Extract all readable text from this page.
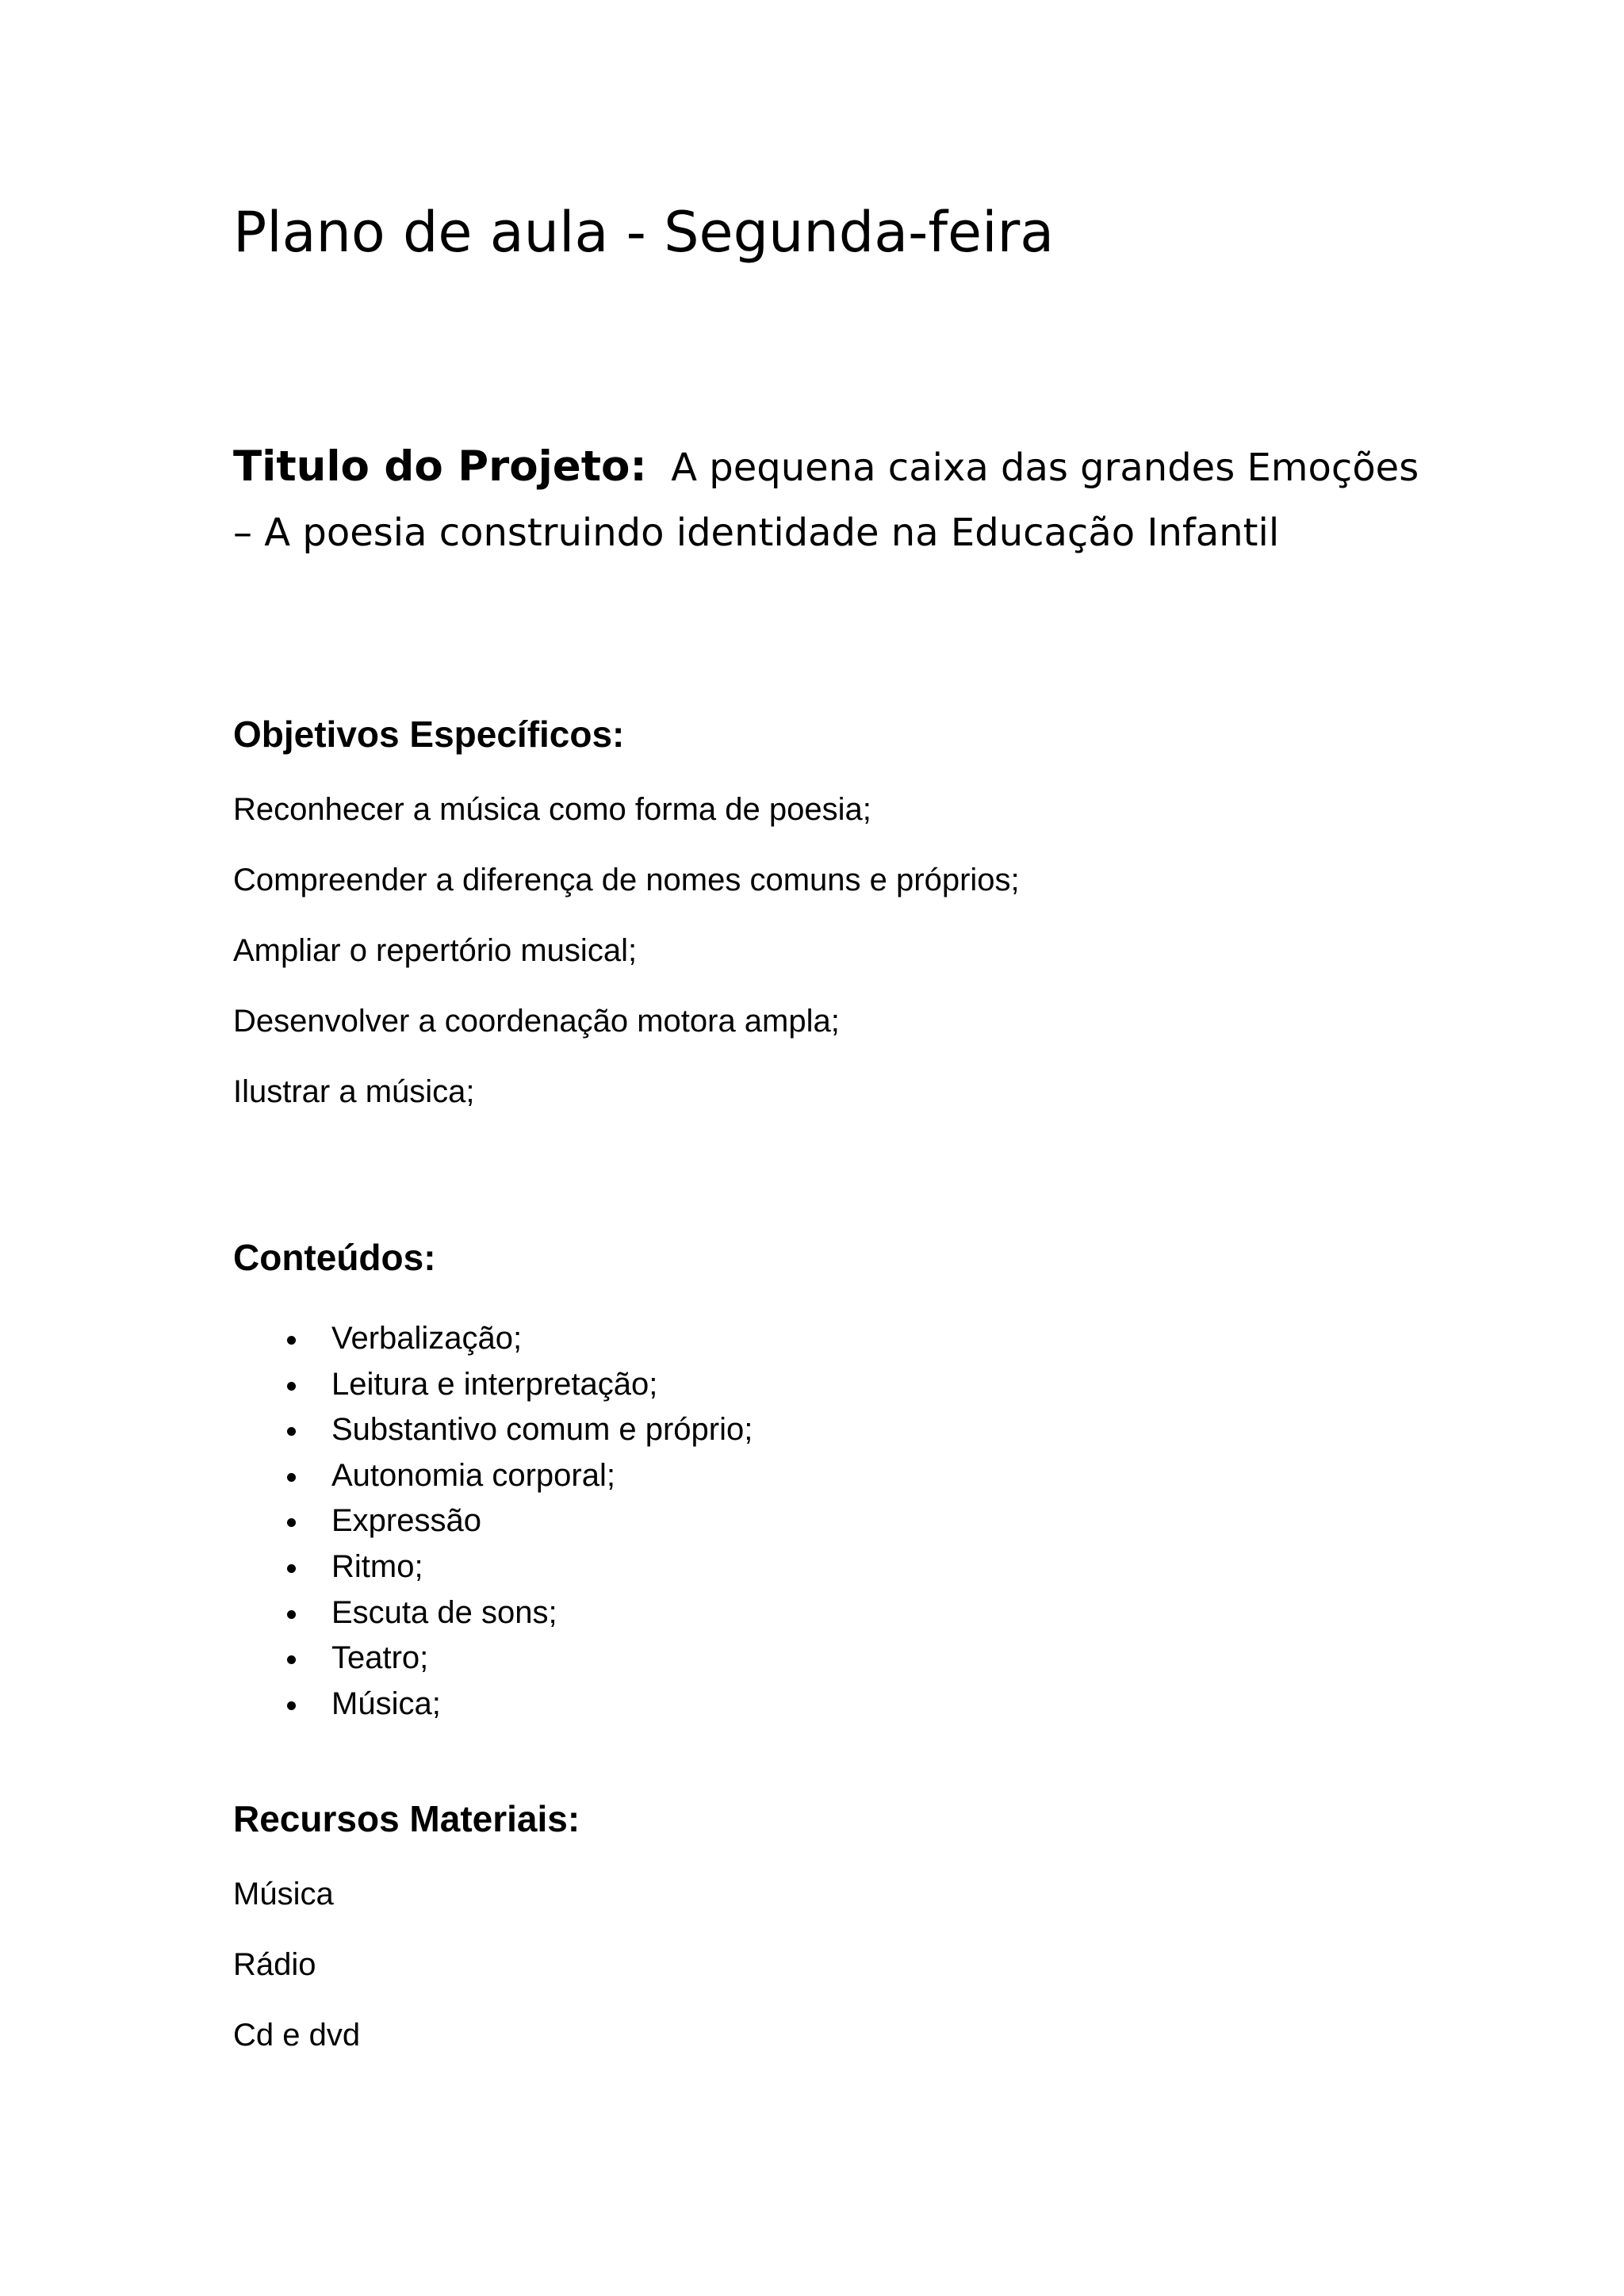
Plano de aula - Segunda-feira

Titulo do Projeto: A pequena caixa das grandes Emoções – A poesia construindo identidade na Educação Infantil

Objetivos Específicos:
Reconhecer a música como forma de poesia;
Compreender a diferença de nomes comuns e próprios;
Ampliar o repertório musical;
Desenvolver a coordenação motora ampla;
Ilustrar a música;
Conteúdos:
Verbalização;
Leitura e interpretação;
Substantivo comum e próprio;
Autonomia corporal;
Expressão
Ritmo;
Escuta de sons;
Teatro;
Música;
Recursos Materiais:
Música
Rádio
Cd e dvd
